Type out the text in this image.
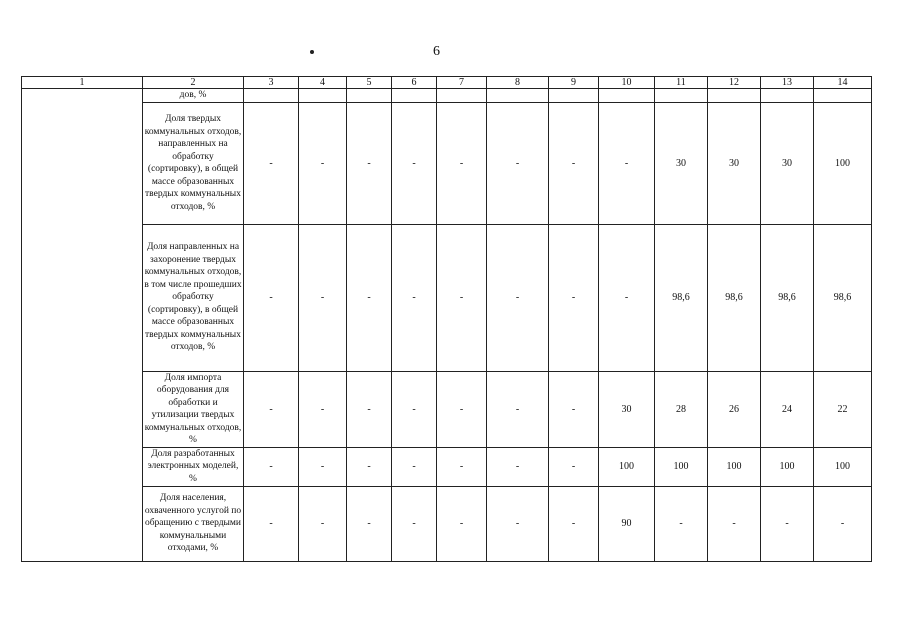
6
1	2	3	4	5	6	7	8	9	10	11	12	13	14
	дов, %												
	Доля твердых коммунальных отходов, направленных на обработку (сортировку), в общей массе образованных твердых коммунальных отходов, %	-	-	-	-	-	-	-	-	30	30	30	100
	Доля направленных на захоронение твердых коммунальных отходов, в том числе прошедших обработку (сортировку), в общей массе образованных твердых коммунальных отходов, %	-	-	-	-	-	-	-	-	98,6	98,6	98,6	98,6
	Доля импорта оборудования для обработки и утилизации твердых коммунальных отходов, %	-	-	-	-	-	-	-	30	28	26	24	22
	Доля разработанных электронных моделей, %	-	-	-	-	-	-	-	100	100	100	100	100
	Доля населения, охваченного услугой по обращению с твердыми коммунальными отходами, %	-	-	-	-	-	-	-	90	-	-	-	-
